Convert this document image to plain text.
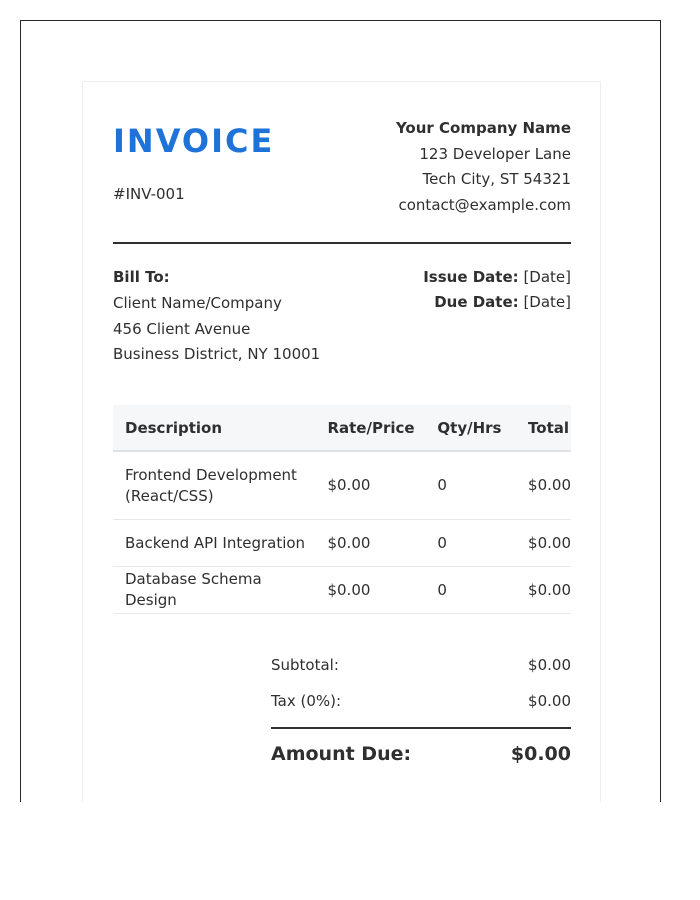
INVOICE
#INV-001
Your Company Name
123 Developer Lane
Tech City, ST 54321
contact@example.com
Bill To:
Client Name/Company
456 Client Avenue
Business District, NY 10001
Issue Date: [Date]
Due Date: [Date]
Description	Rate/Price	Qty/Hrs	Total
Frontend Development (React/CSS)	$0.00	0	$0.00
Backend API Integration	$0.00	0	$0.00
Database Schema Design	$0.00	0	$0.00
Subtotal:	$0.00
Tax (0%):	$0.00
Amount Due:	$0.00
